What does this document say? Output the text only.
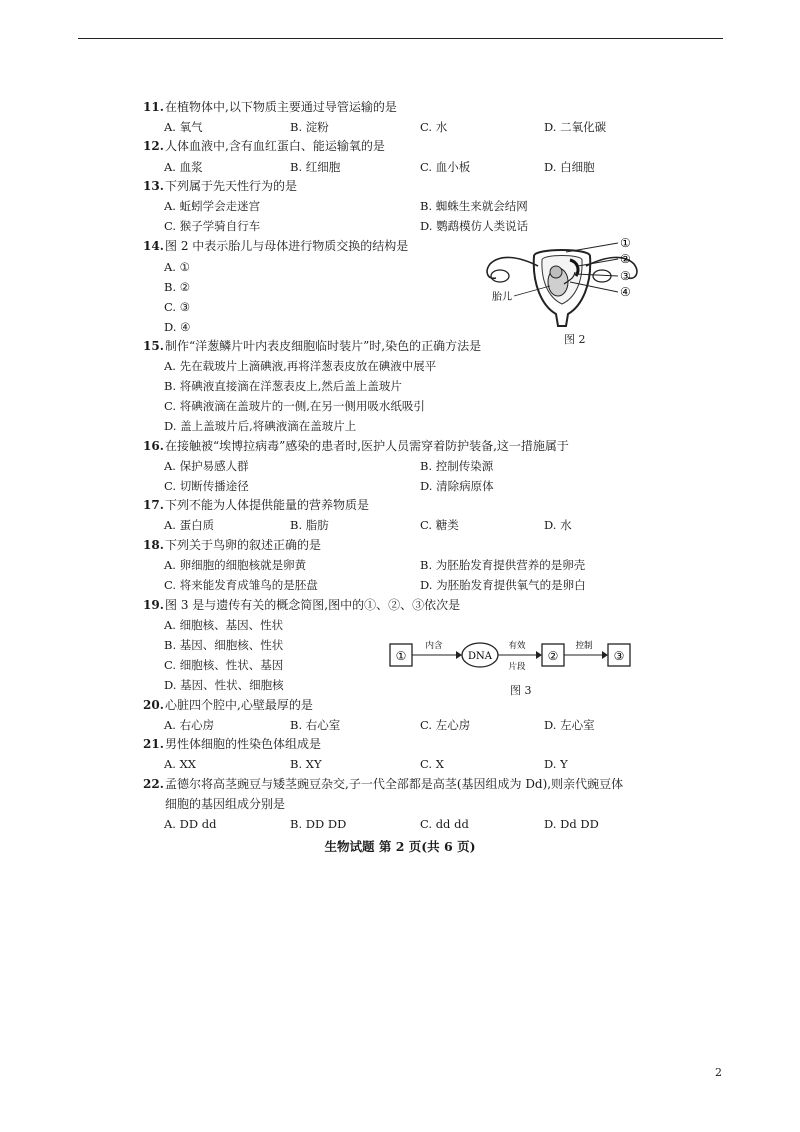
11.在植物体中,以下物质主要通过导管运输的是
A. 氧气	B. 淀粉	C. 水	D. 二氧化碳
12.人体血液中,含有血红蛋白、能运输氧的是
A. 血浆	B. 红细胞	C. 血小板	D. 白细胞
13.下列属于先天性行为的是
A. 蚯蚓学会走迷宫	B. 蜘蛛生来就会结网
C. 猴子学骑自行车	D. 鹦鹉模仿人类说话
14.图 2 中表示胎儿与母体进行物质交换的结构是
A. ①
B. ②
C. ③
D. ④
①
②
③
④
胎儿
图 2
15.制作“洋葱鳞片叶内表皮细胞临时装片”时,染色的正确方法是
A. 先在载玻片上滴碘液,再将洋葱表皮放在碘液中展平
B. 将碘液直接滴在洋葱表皮上,然后盖上盖玻片
C. 将碘液滴在盖玻片的一侧,在另一侧用吸水纸吸引
D. 盖上盖玻片后,将碘液滴在盖玻片上
16.在接触被“埃博拉病毒”感染的患者时,医护人员需穿着防护装备,这一措施属于
A. 保护易感人群	B. 控制传染源
C. 切断传播途径	D. 清除病原体
17.下列不能为人体提供能量的营养物质是
A. 蛋白质	B. 脂肪	C. 糖类	D. 水
18.下列关于鸟卵的叙述正确的是
A. 卵细胞的细胞核就是卵黄	B. 为胚胎发育提供营养的是卵壳
C. 将来能发育成雏鸟的是胚盘	D. 为胚胎发育提供氧气的是卵白
19.图 3 是与遗传有关的概念简图,图中的①、②、③依次是
A. 细胞核、基因、性状
B. 基因、细胞核、性状
C. 细胞核、性状、基因
D. 基因、性状、细胞核
①
内含
DNA
有效
片段
②
控制
③
图 3
20.心脏四个腔中,心壁最厚的是
A. 右心房	B. 右心室	C. 左心房	D. 左心室
21.男性体细胞的性染色体组成是
A. XX	B. XY	C. X	D. Y
22.孟德尔将高茎豌豆与矮茎豌豆杂交,子一代全部都是高茎(基因组成为 Dd),则亲代豌豆体
细胞的基因组成分别是
A. DD dd	B. DD DD	C. dd dd	D. Dd DD
生物试题 第 2 页(共 6 页)
2
